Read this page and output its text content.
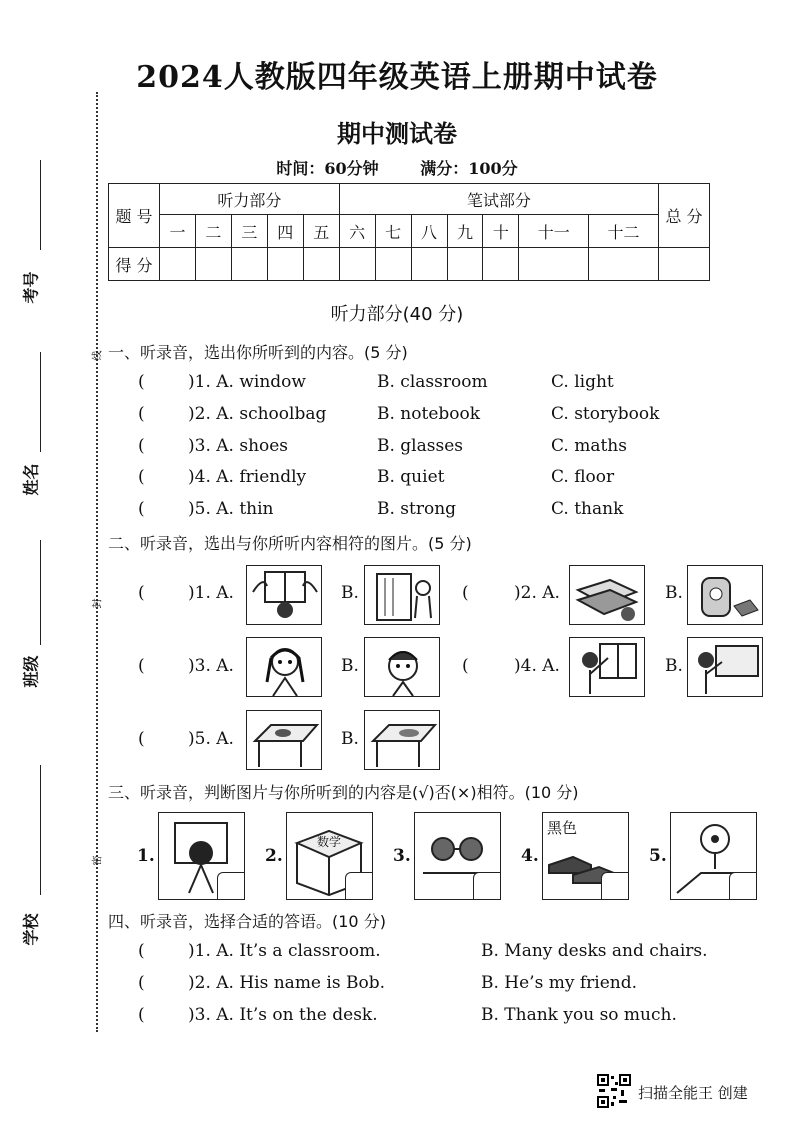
2024人教版四年级英语上册期中试卷
期中测试卷
时间：60分钟	满分：100分
考号
姓名
班级
学校
线
封
密
题 号	听力部分					笔试部分							总 分
	一	二	三	四	五	六	七	八	九	十	十一	十二	
得 分													
听力部分(40 分)
一、听录音，选出你所听到的内容。(5 分)
(	)1. A. window	B. classroom	C. light
(	)2. A. schoolbag	B. notebook	C. storybook
(	)3. A. shoes	B. glasses	C. maths
(	)4. A. friendly	B. quiet	C. floor
(	)5. A. thin	B. strong	C. thank
二、听录音，选出与你所听内容相符的图片。(5 分)
(	)1. A.	B.	(	)2. A.	B.
(	)3. A.	B.	(	)4. A.	B.
(	)5. A.	B.
三、听录音，判断图片与你所听到的内容是(√)否(×)相符。(10 分)
1.	2.
数学
3.	4.
黑色
5.
四、听录音，选择合适的答语。(10 分)
(	)1. A. It’s a classroom.	B. Many desks and chairs.
(	)2. A. His name is Bob.	B. He’s my friend.
(	)3. A. It’s on the desk.	B. Thank you so much.
扫描全能王 创建
